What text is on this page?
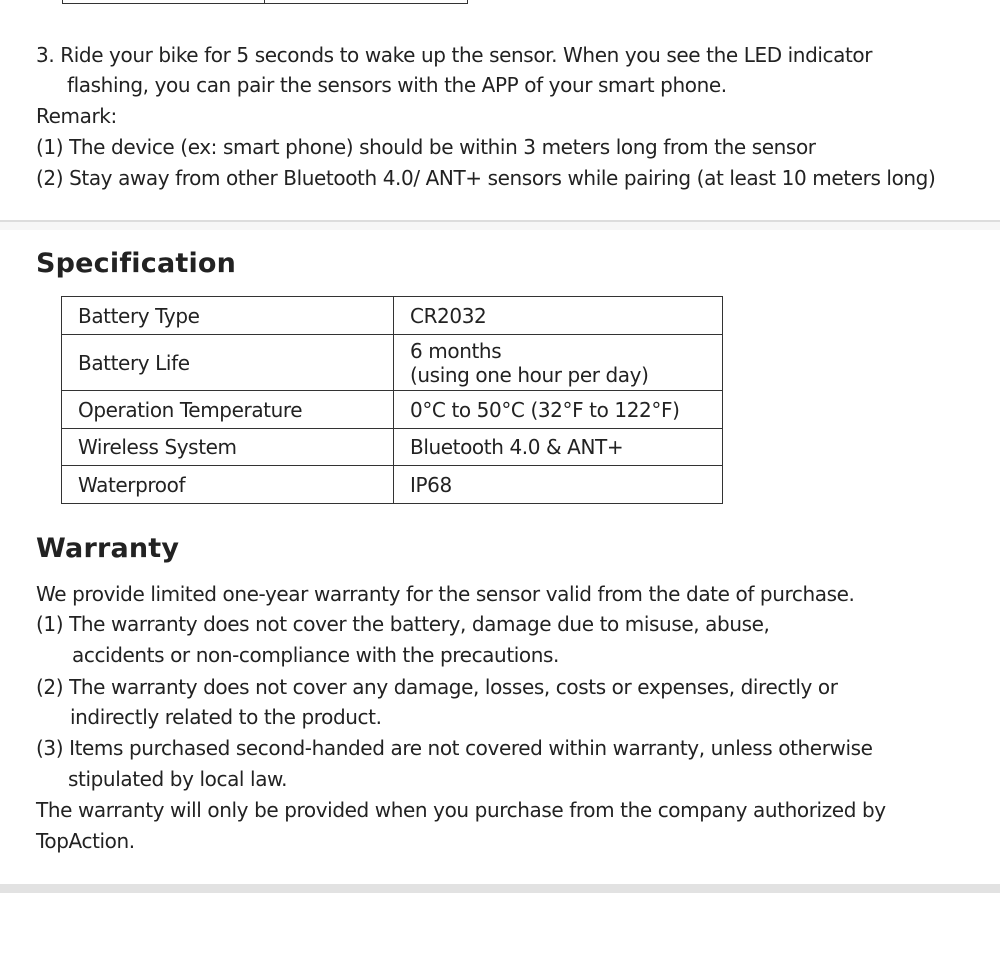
3. Ride your bike for 5 seconds to wake up the sensor. When you see the LED indicator
flashing, you can pair the sensors with the APP of your smart phone.
Remark:
(1) The device (ex: smart phone) should be within 3 meters long from the sensor
(2) Stay away from other Bluetooth 4.0/ ANT+ sensors while pairing (at least 10 meters long)
Specification
Battery Type	CR2032
Battery Life	6 months
(using one hour per day)

Operation Temperature	0°C to 50°C (32°F to 122°F)
Wireless System	Bluetooth 4.0 & ANT+
Waterproof	IP68
Warranty
We provide limited one-year warranty for the sensor valid from the date of purchase.
(1) The warranty does not cover the battery, damage due to misuse, abuse,
accidents or non-compliance with the precautions.
(2) The warranty does not cover any damage, losses, costs or expenses, directly or
indirectly related to the product.
(3) Items purchased second-handed are not covered within warranty, unless otherwise
stipulated by local law.
The warranty will only be provided when you purchase from the company authorized by
TopAction.
